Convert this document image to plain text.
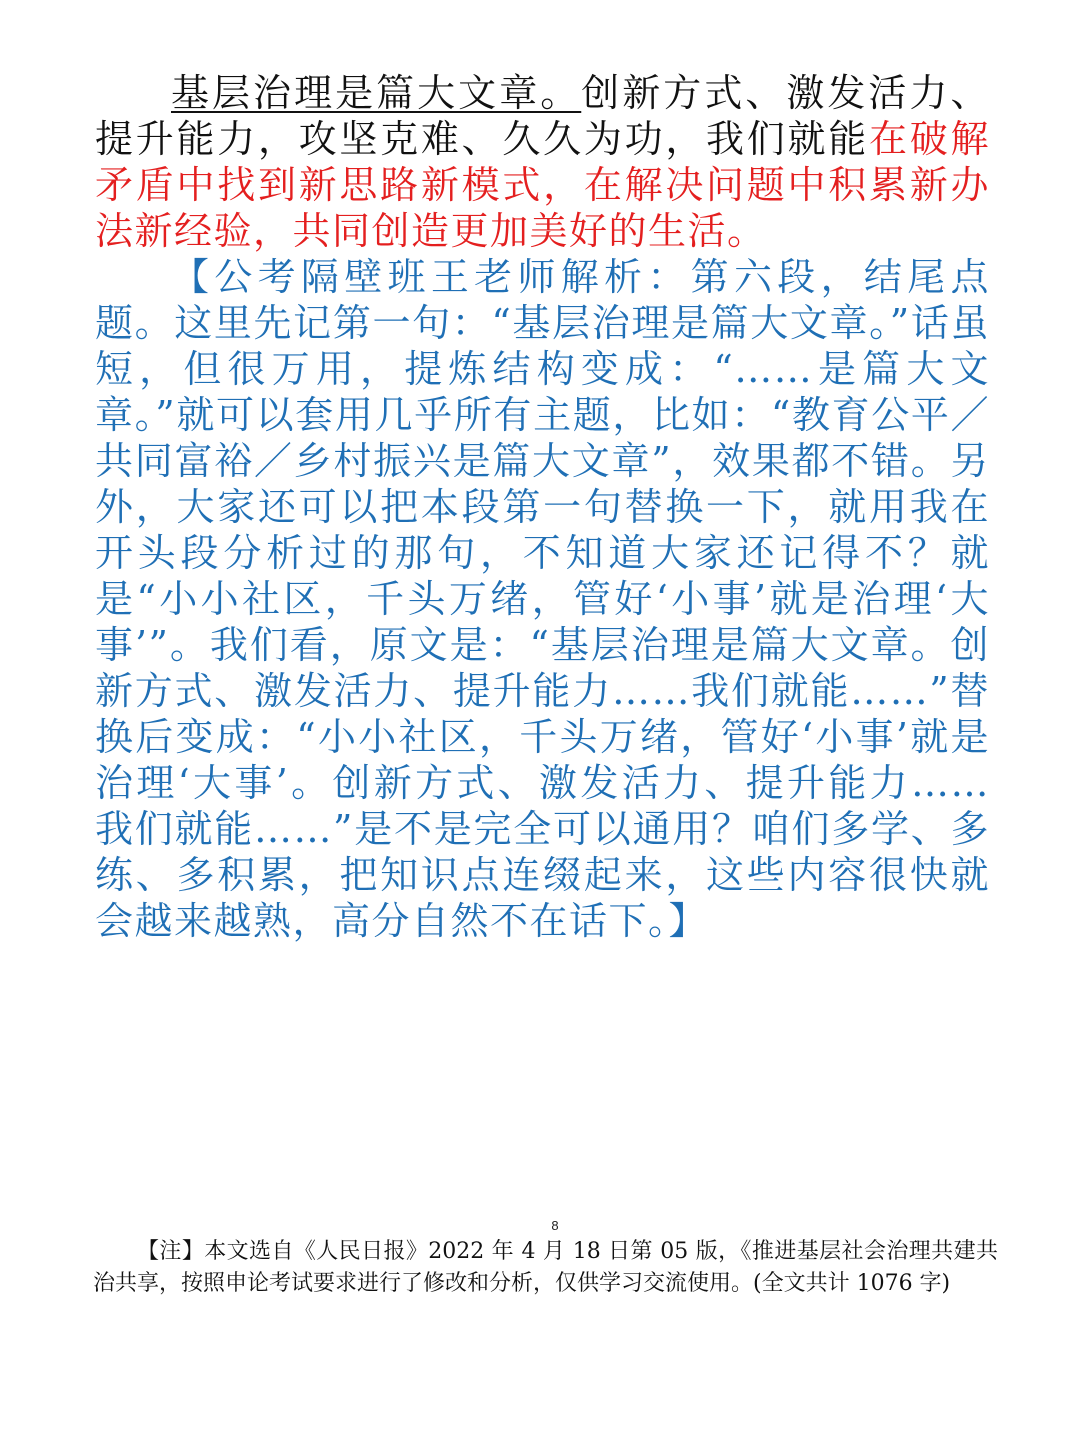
基层治理是篇大文章。创新方式、激发活力、提升能力，攻坚克难、久久为功，我们就能在破解矛盾中找到新思路新模式，在解决问题中积累新办法新经验，共同创造更加美好的生活。

【公考隔壁班王老师解析：第六段，结尾点题。这里先记第一句：“基层治理是篇大文章。”话虽短，但很万用，提炼结构变成：“……是篇大文章。”就可以套用几乎所有主题，比如：“教育公平／共同富裕／乡村振兴是篇大文章”，效果都不错。另外，大家还可以把本段第一句替换一下，就用我在开头段分析过的那句，不知道大家还记得不？就是“小小社区，千头万绪，管好‘小事’就是治理‘大事’”。我们看，原文是：“基层治理是篇大文章。创新方式、激发活力、提升能力……我们就能……”替换后变成：“小小社区，千头万绪，管好‘小事’就是治理‘大事’。创新方式、激发活力、提升能力……我们就能……”是不是完全可以通用？咱们多学、多练、多积累，把知识点连缀起来，这些内容很快就会越来越熟，高分自然不在话下。】

8

【注】本文选自《人民日报》2022 年 4 月 18 日第 05 版，《推进基层社会治理共建共治共享，按照申论考试要求进行了修改和分析，仅供学习交流使用。(全文共计 1076 字)
